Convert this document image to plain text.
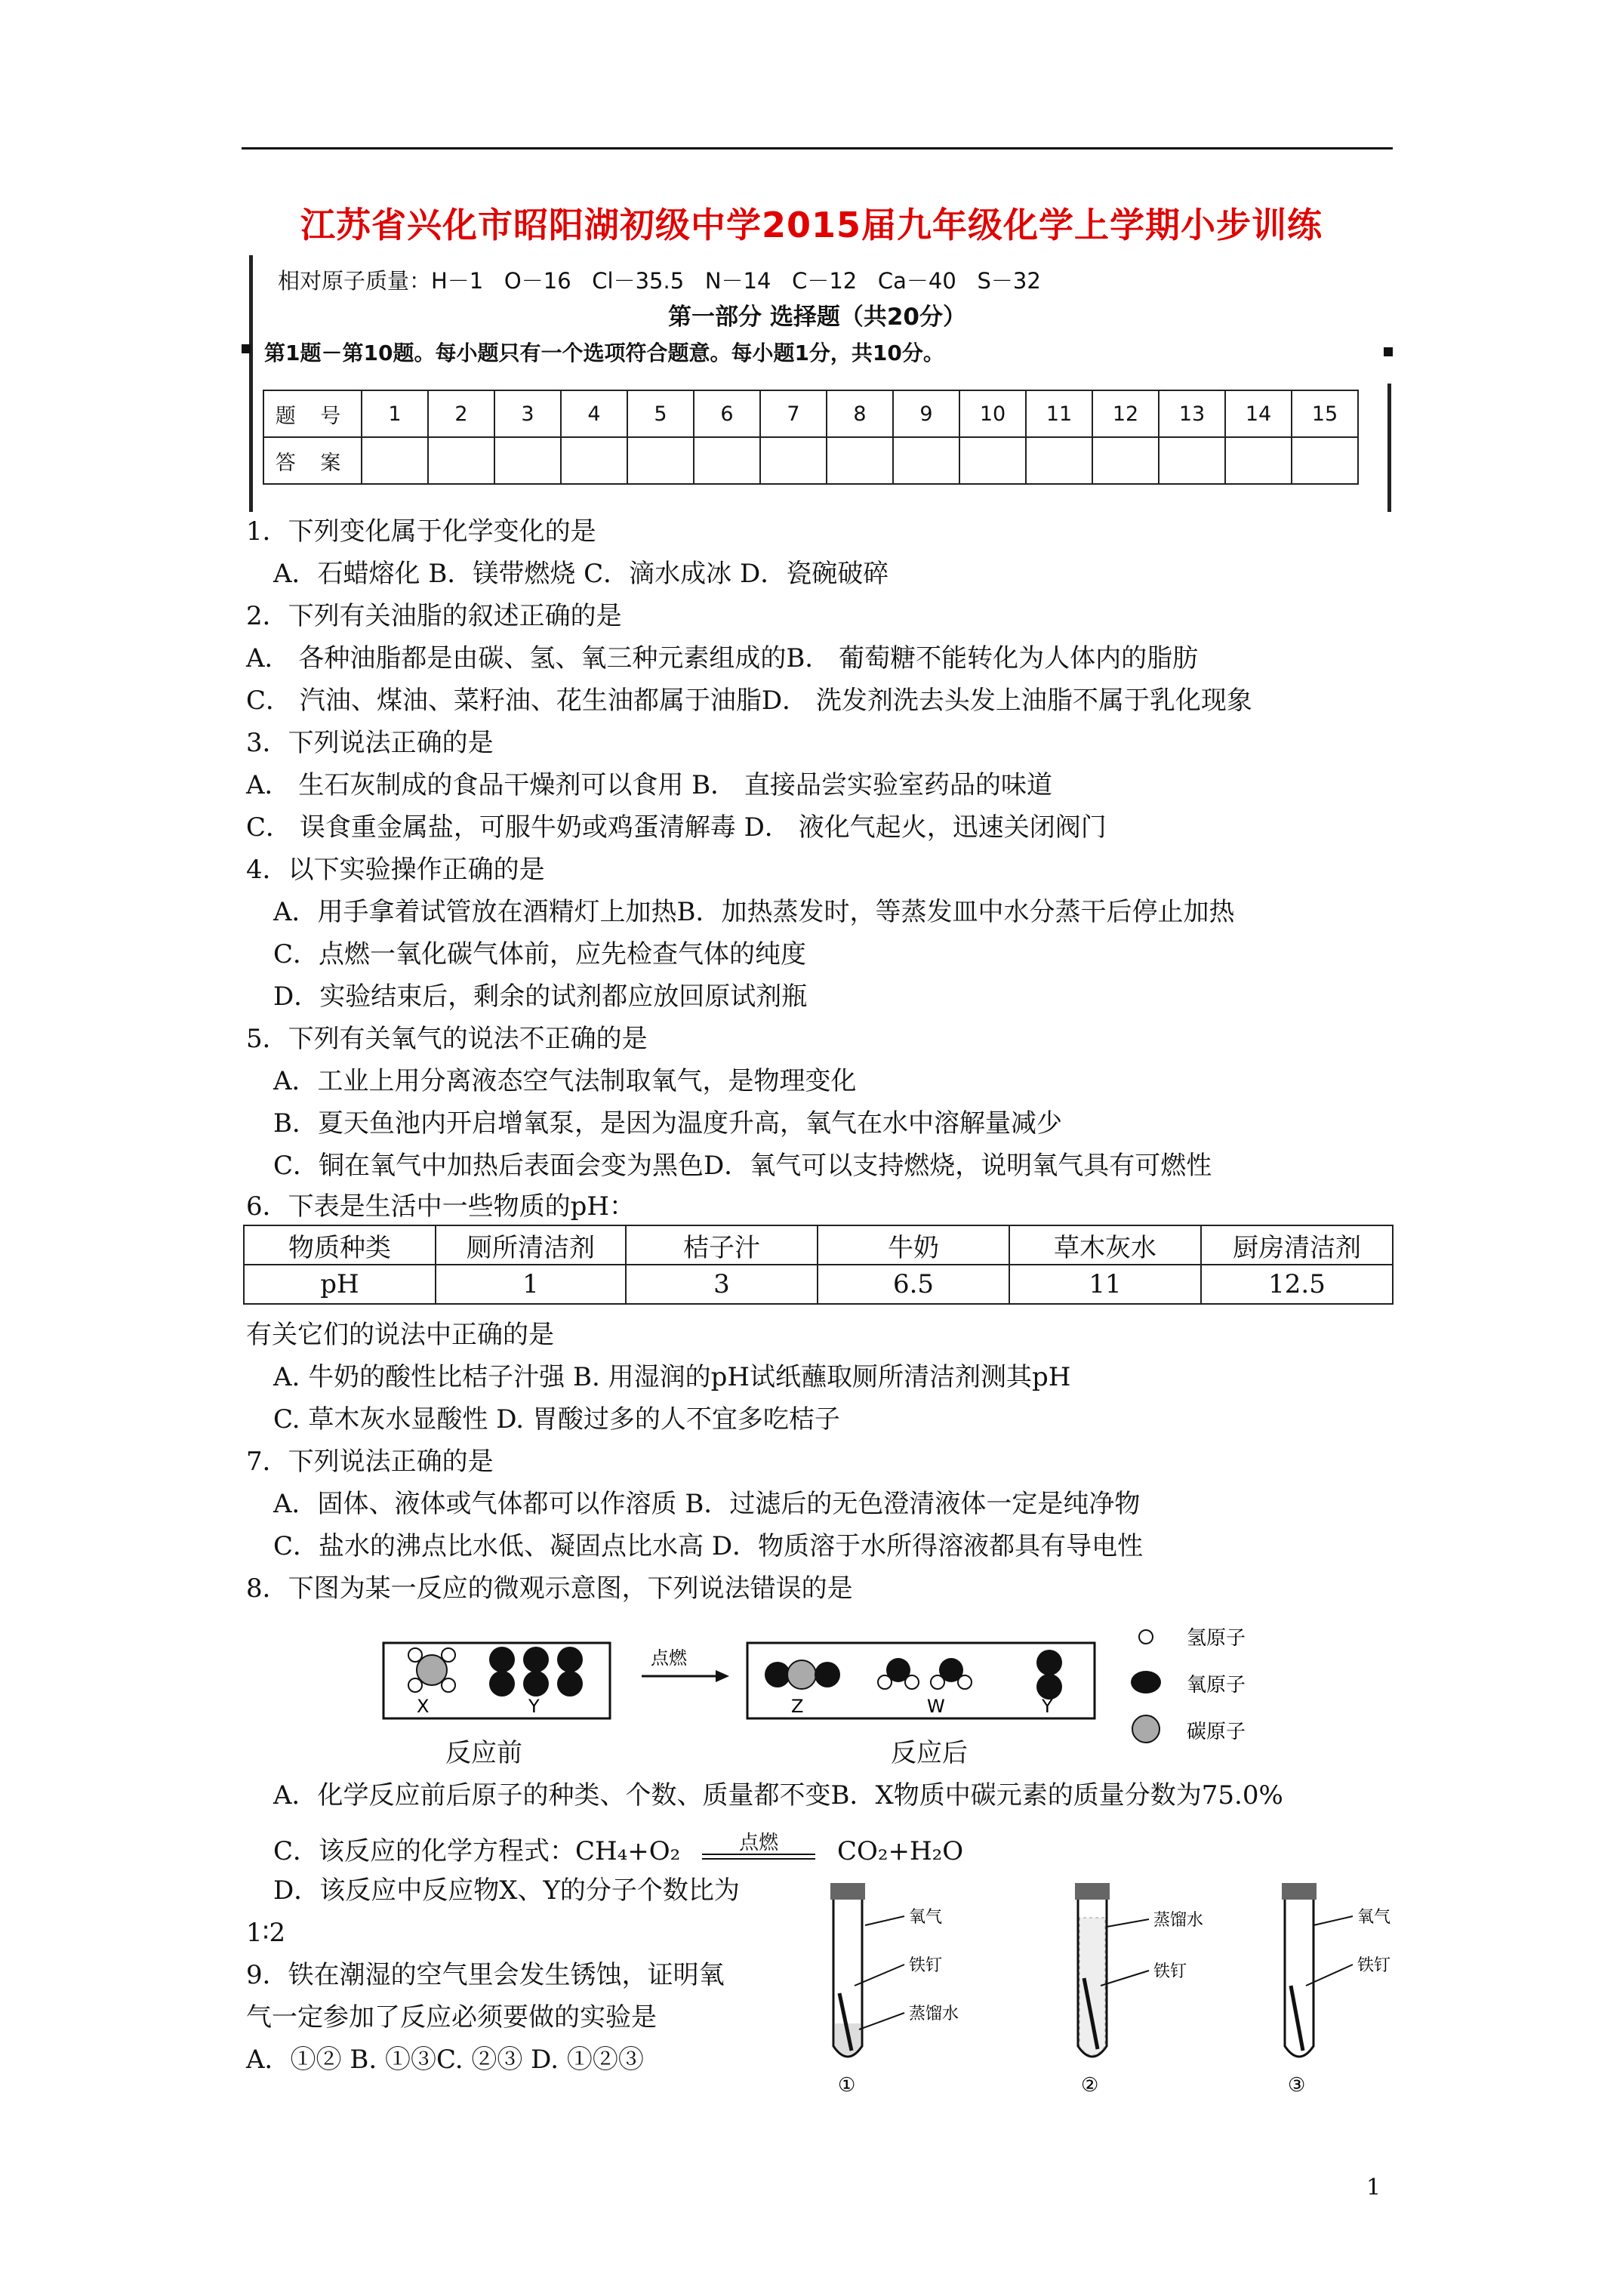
江苏省兴化市昭阳湖初级中学2015届九年级化学上学期小步训练
相对原子质量：H－1   O－16   Cl－35.5   N－14   C－12   Ca－40   S－32
第一部分 选择题（共20分）
第1题－第10题。每小题只有一个选项符合题意。每小题1分，共10分。
题 号	1	2	3	4	5	6	7	8	9	10	11	12	13	14	15
答 案															
1．下列变化属于化学变化的是
A．石蜡熔化 B．镁带燃烧 C．滴水成冰 D．瓷碗破碎
2．下列有关油脂的叙述正确的是
A． 各种油脂都是由碳、氢、氧三种元素组成的B． 葡萄糖不能转化为人体内的脂肪
C． 汽油、煤油、菜籽油、花生油都属于油脂D． 洗发剂洗去头发上油脂不属于乳化现象
3．下列说法正确的是
A． 生石灰制成的食品干燥剂可以食用 B． 直接品尝实验室药品的味道
C． 误食重金属盐，可服牛奶或鸡蛋清解毒 D． 液化气起火，迅速关闭阀门
4．以下实验操作正确的是
A．用手拿着试管放在酒精灯上加热B．加热蒸发时，等蒸发皿中水分蒸干后停止加热
C．点燃一氧化碳气体前，应先检查气体的纯度
D．实验结束后，剩余的试剂都应放回原试剂瓶
5．下列有关氧气的说法不正确的是
A．工业上用分离液态空气法制取氧气，是物理变化
B．夏天鱼池内开启增氧泵，是因为温度升高，氧气在水中溶解量减少
C．铜在氧气中加热后表面会变为黑色D．氧气可以支持燃烧，说明氧气具有可燃性
6．下表是生活中一些物质的pH：
物质种类	厕所清洁剂	桔子汁	牛奶	草木灰水	厨房清洁剂
pH	1	3	6.5	11	12.5
有关它们的说法中正确的是
A. 牛奶的酸性比桔子汁强 B. 用湿润的pH试纸蘸取厕所清洁剂测其pH
C. 草木灰水显酸性 D. 胃酸过多的人不宜多吃桔子
7．下列说法正确的是
A．固体、液体或气体都可以作溶质 B．过滤后的无色澄清液体一定是纯净物
C．盐水的沸点比水低、凝固点比水高 D．物质溶于水所得溶液都具有导电性
8．下图为某一反应的微观示意图，下列说法错误的是
X	Y
点燃
Z	W	Y
氢原子
氧原子
碳原子
反应前	反应后
A．化学反应前后原子的种类、个数、质量都不变B．X物质中碳元素的质量分数为75.0%
C．该反应的化学方程式：CH₄+O₂	点燃	CO₂+H₂O
D．该反应中反应物X、Y的分子个数比为
1∶2
9．铁在潮湿的空气里会发生锈蚀，证明氧
气一定参加了反应必须要做的实验是
A．①② B. ①③C. ②③ D. ①②③
氧气
铁钉
蒸馏水
①
蒸馏水
铁钉
②
氧气
铁钉
③
1
